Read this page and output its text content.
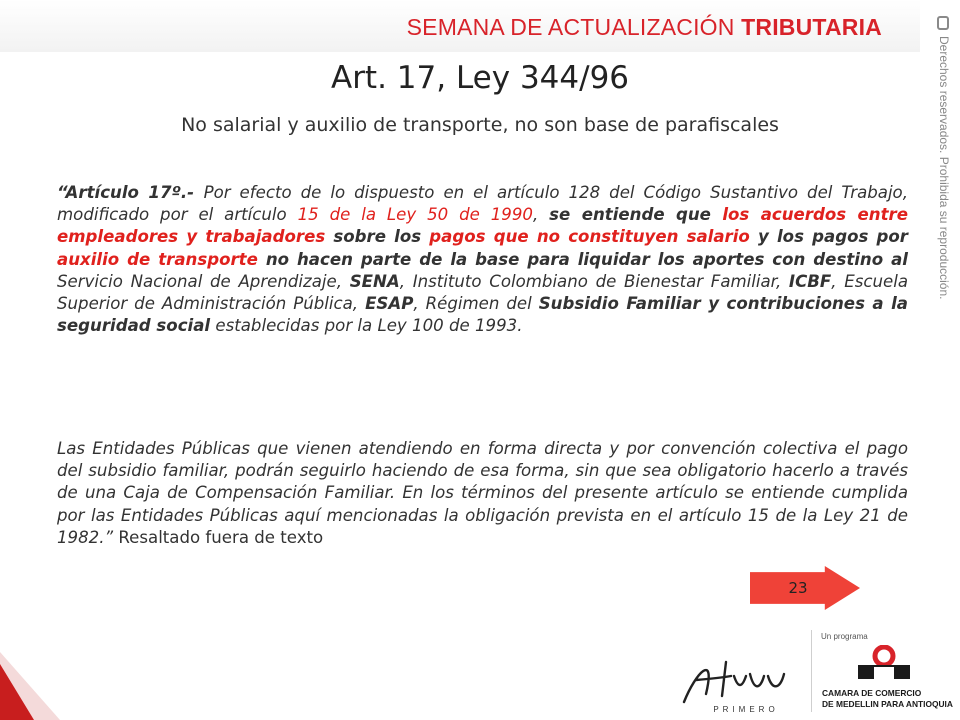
SEMANA DE ACTUALIZACIÓN TRIBUTARIA
Derechos reservados. Prohibida su reproducción.
Art. 17, Ley 344/96
No salarial y auxilio de transporte, no son base de parafiscales
“Artículo 17º.- Por efecto de lo dispuesto en el artículo 128 del Código Sustantivo del Trabajo, modificado por el artículo 15 de la Ley 50 de 1990, se entiende que los acuerdos entre empleadores y trabajadores sobre los pagos que no constituyen salario y los pagos por auxilio de transporte no hacen parte de la base para liquidar los aportes con destino al Servicio Nacional de Aprendizaje, SENA, Instituto Colombiano de Bienestar Familiar, ICBF, Escuela Superior de Administración Pública, ESAP, Régimen del Subsidio Familiar y contribuciones a la seguridad social establecidas por la Ley 100 de 1993.
Las Entidades Públicas que vienen atendiendo en forma directa y por convención colectiva el pago del subsidio familiar, podrán seguirlo haciendo de esa forma, sin que sea obligatorio hacerlo a través de una Caja de Compensación Familiar. En los términos del presente artículo se entiende cumplida por las Entidades Públicas aquí mencionadas la obligación prevista en el artículo 15 de la Ley 21 de 1982.” Resaltado fuera de texto
23
Afiliado
PRIMERO
Un programa
CAMARA DE COMERCIO
DE MEDELLIN PARA ANTIOQUIA
